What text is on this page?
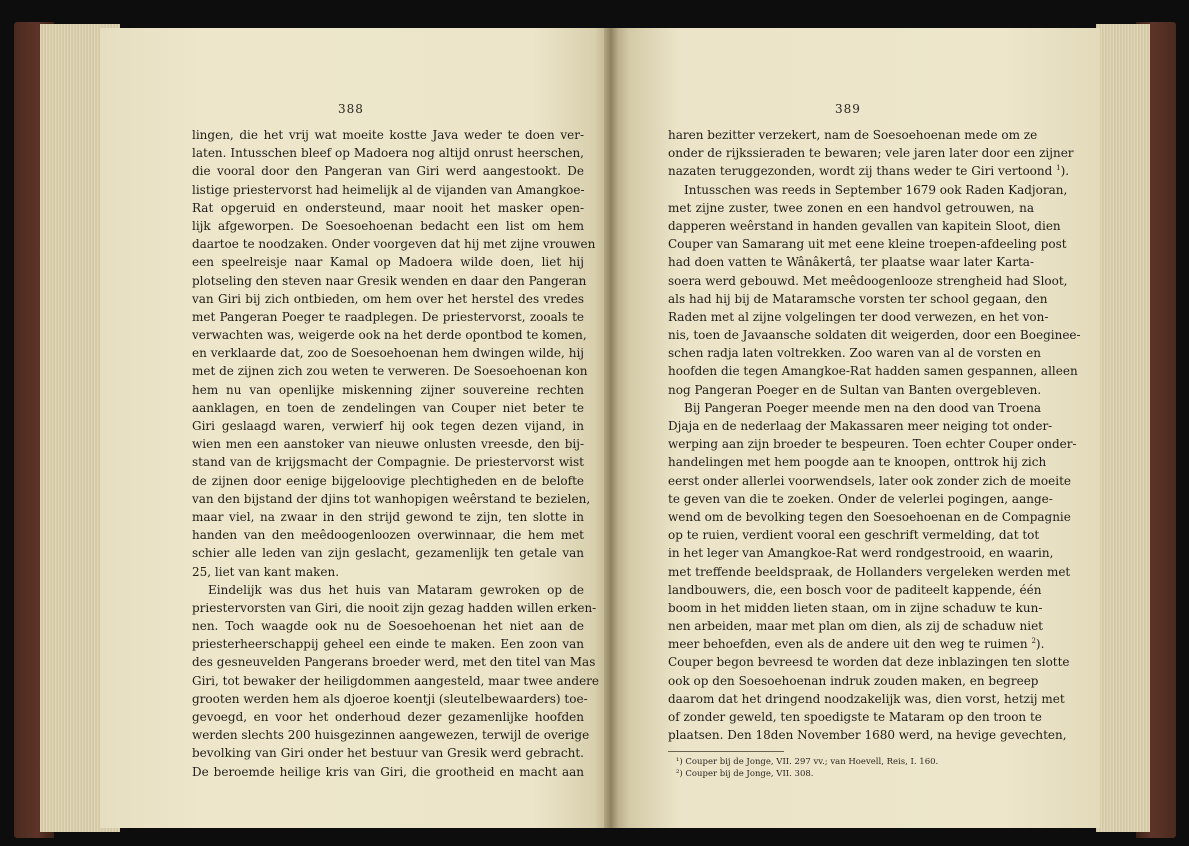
388
lingen, die het vrij wat moeite kostte Java weder te doen ver-
laten. Intusschen bleef op Madoera nog altijd onrust heerschen,
die vooral door den Pangeran van Giri werd aangestookt. De
listige priestervorst had heimelijk al de vijanden van Amangkoe-
Rat opgeruid en ondersteund, maar nooit het masker open-
lijk afgeworpen. De Soesoehoenan bedacht een list om hem
daartoe te noodzaken. Onder voorgeven dat hij met zijne vrouwen
een speelreisje naar Kamal op Madoera wilde doen, liet hij
plotseling den steven naar Gresik wenden en daar den Pangeran
van Giri bij zich ontbieden, om hem over het herstel des vredes
met Pangeran Poeger te raadplegen. De priestervorst, zooals te
verwachten was, weigerde ook na het derde opontbod te komen,
en verklaarde dat, zoo de Soesoehoenan hem dwingen wilde, hij
met de zijnen zich zou weten te verweren. De Soesoehoenan kon
hem nu van openlijke miskenning zijner souvereine rechten
aanklagen, en toen de zendelingen van Couper niet beter te
Giri geslaagd waren, verwierf hij ook tegen dezen vijand, in
wien men een aanstoker van nieuwe onlusten vreesde, den bij-
stand van de krijgsmacht der Compagnie. De priestervorst wist
de zijnen door eenige bijgeloovige plechtigheden en de belofte
van den bijstand der djins tot wanhopigen weêrstand te bezielen,
maar viel, na zwaar in den strijd gewond te zijn, ten slotte in
handen van den meêdoogenloozen overwinnaar, die hem met
schier alle leden van zijn geslacht, gezamenlijk ten getale van
25, liet van kant maken.
Eindelijk was dus het huis van Mataram gewroken op de
priestervorsten van Giri, die nooit zijn gezag hadden willen erken-
nen. Toch waagde ook nu de Soesoehoenan het niet aan de
priesterheerschappij geheel een einde te maken. Een zoon van
des gesneuvelden Pangerans broeder werd, met den titel van Mas
Giri, tot bewaker der heiligdommen aangesteld, maar twee andere
grooten werden hem als djoeroe koentji (sleutelbewaarders) toe-
gevoegd, en voor het onderhoud dezer gezamenlijke hoofden
werden slechts 200 huisgezinnen aangewezen, terwijl de overige
bevolking van Giri onder het bestuur van Gresik werd gebracht.
De beroemde heilige kris van Giri, die grootheid en macht aan
389
haren bezitter verzekert, nam de Soesoehoenan mede om ze
onder de rijkssieraden te bewaren; vele jaren later door een zijner
nazaten teruggezonden, wordt zij thans weder te Giri vertoond $^1$
Intusschen was reeds in September 1679 ook Raden Kadjoran,
met zijne zuster, twee zonen en een handvol getrouwen, na
dapperen weêrstand in handen gevallen van kapitein Sloot, dien
Couper van Samarang uit met eene kleine troepen-afdeeling post
had doen vatten te Wânâkertâ, ter plaatse waar later Karta-
soera werd gebouwd. Met meêdoogenlooze strengheid had Sloot,
als had hij bij de Mataramsche vorsten ter school gegaan, den
Raden met al zijne volgelingen ter dood verwezen, en het von-
nis, toen de Javaansche soldaten dit weigerden, door een Boeginee-
schen radja laten voltrekken. Zoo waren van al de vorsten en
hoofden die tegen Amangkoe-Rat hadden samen gespannen, alleen
nog Pangeran Poeger en de Sultan van Banten overgebleven.
Bij Pangeran Poeger meende men na den dood van Troena
Djaja en de nederlaag der Makassaren meer neiging tot onder-
werping aan zijn broeder te bespeuren. Toen echter Couper onder-
handelingen met hem poogde aan te knoopen, onttrok hij zich
eerst onder allerlei voorwendsels, later ook zonder zich de moeite
te geven van die te zoeken. Onder de velerlei pogingen, aange-
wend om de bevolking tegen den Soesoehoenan en de Compagnie
op te ruien, verdient vooral een geschrift vermelding, dat tot
in het leger van Amangkoe-Rat werd rondgestrooid, en waarin,
met treffende beeldspraak, de Hollanders vergeleken werden met
landbouwers, die, een bosch voor de paditeelt kappende, één
boom in het midden lieten staan, om in zijne schaduw te kun-
nen arbeiden, maar met plan om dien, als zij de schaduw niet
meer behoefden, even als de andere uit den weg te ruimen $^2$
Couper begon bevreesd te worden dat deze inblazingen ten slotte
ook op den Soesoehoenan indruk zouden maken, en begreep
daarom dat het dringend noodzakelijk was, dien vorst, hetzij met
of zonder geweld, ten spoedigste te Mataram op den troon te
plaatsen. Den 18den November 1680 werd, na hevige gevechten,
¹) Couper bij de Jonge, VII. 297 vv.; van Hoevell, Reis, I. 160.
²) Couper bij de Jonge, VII. 308.
